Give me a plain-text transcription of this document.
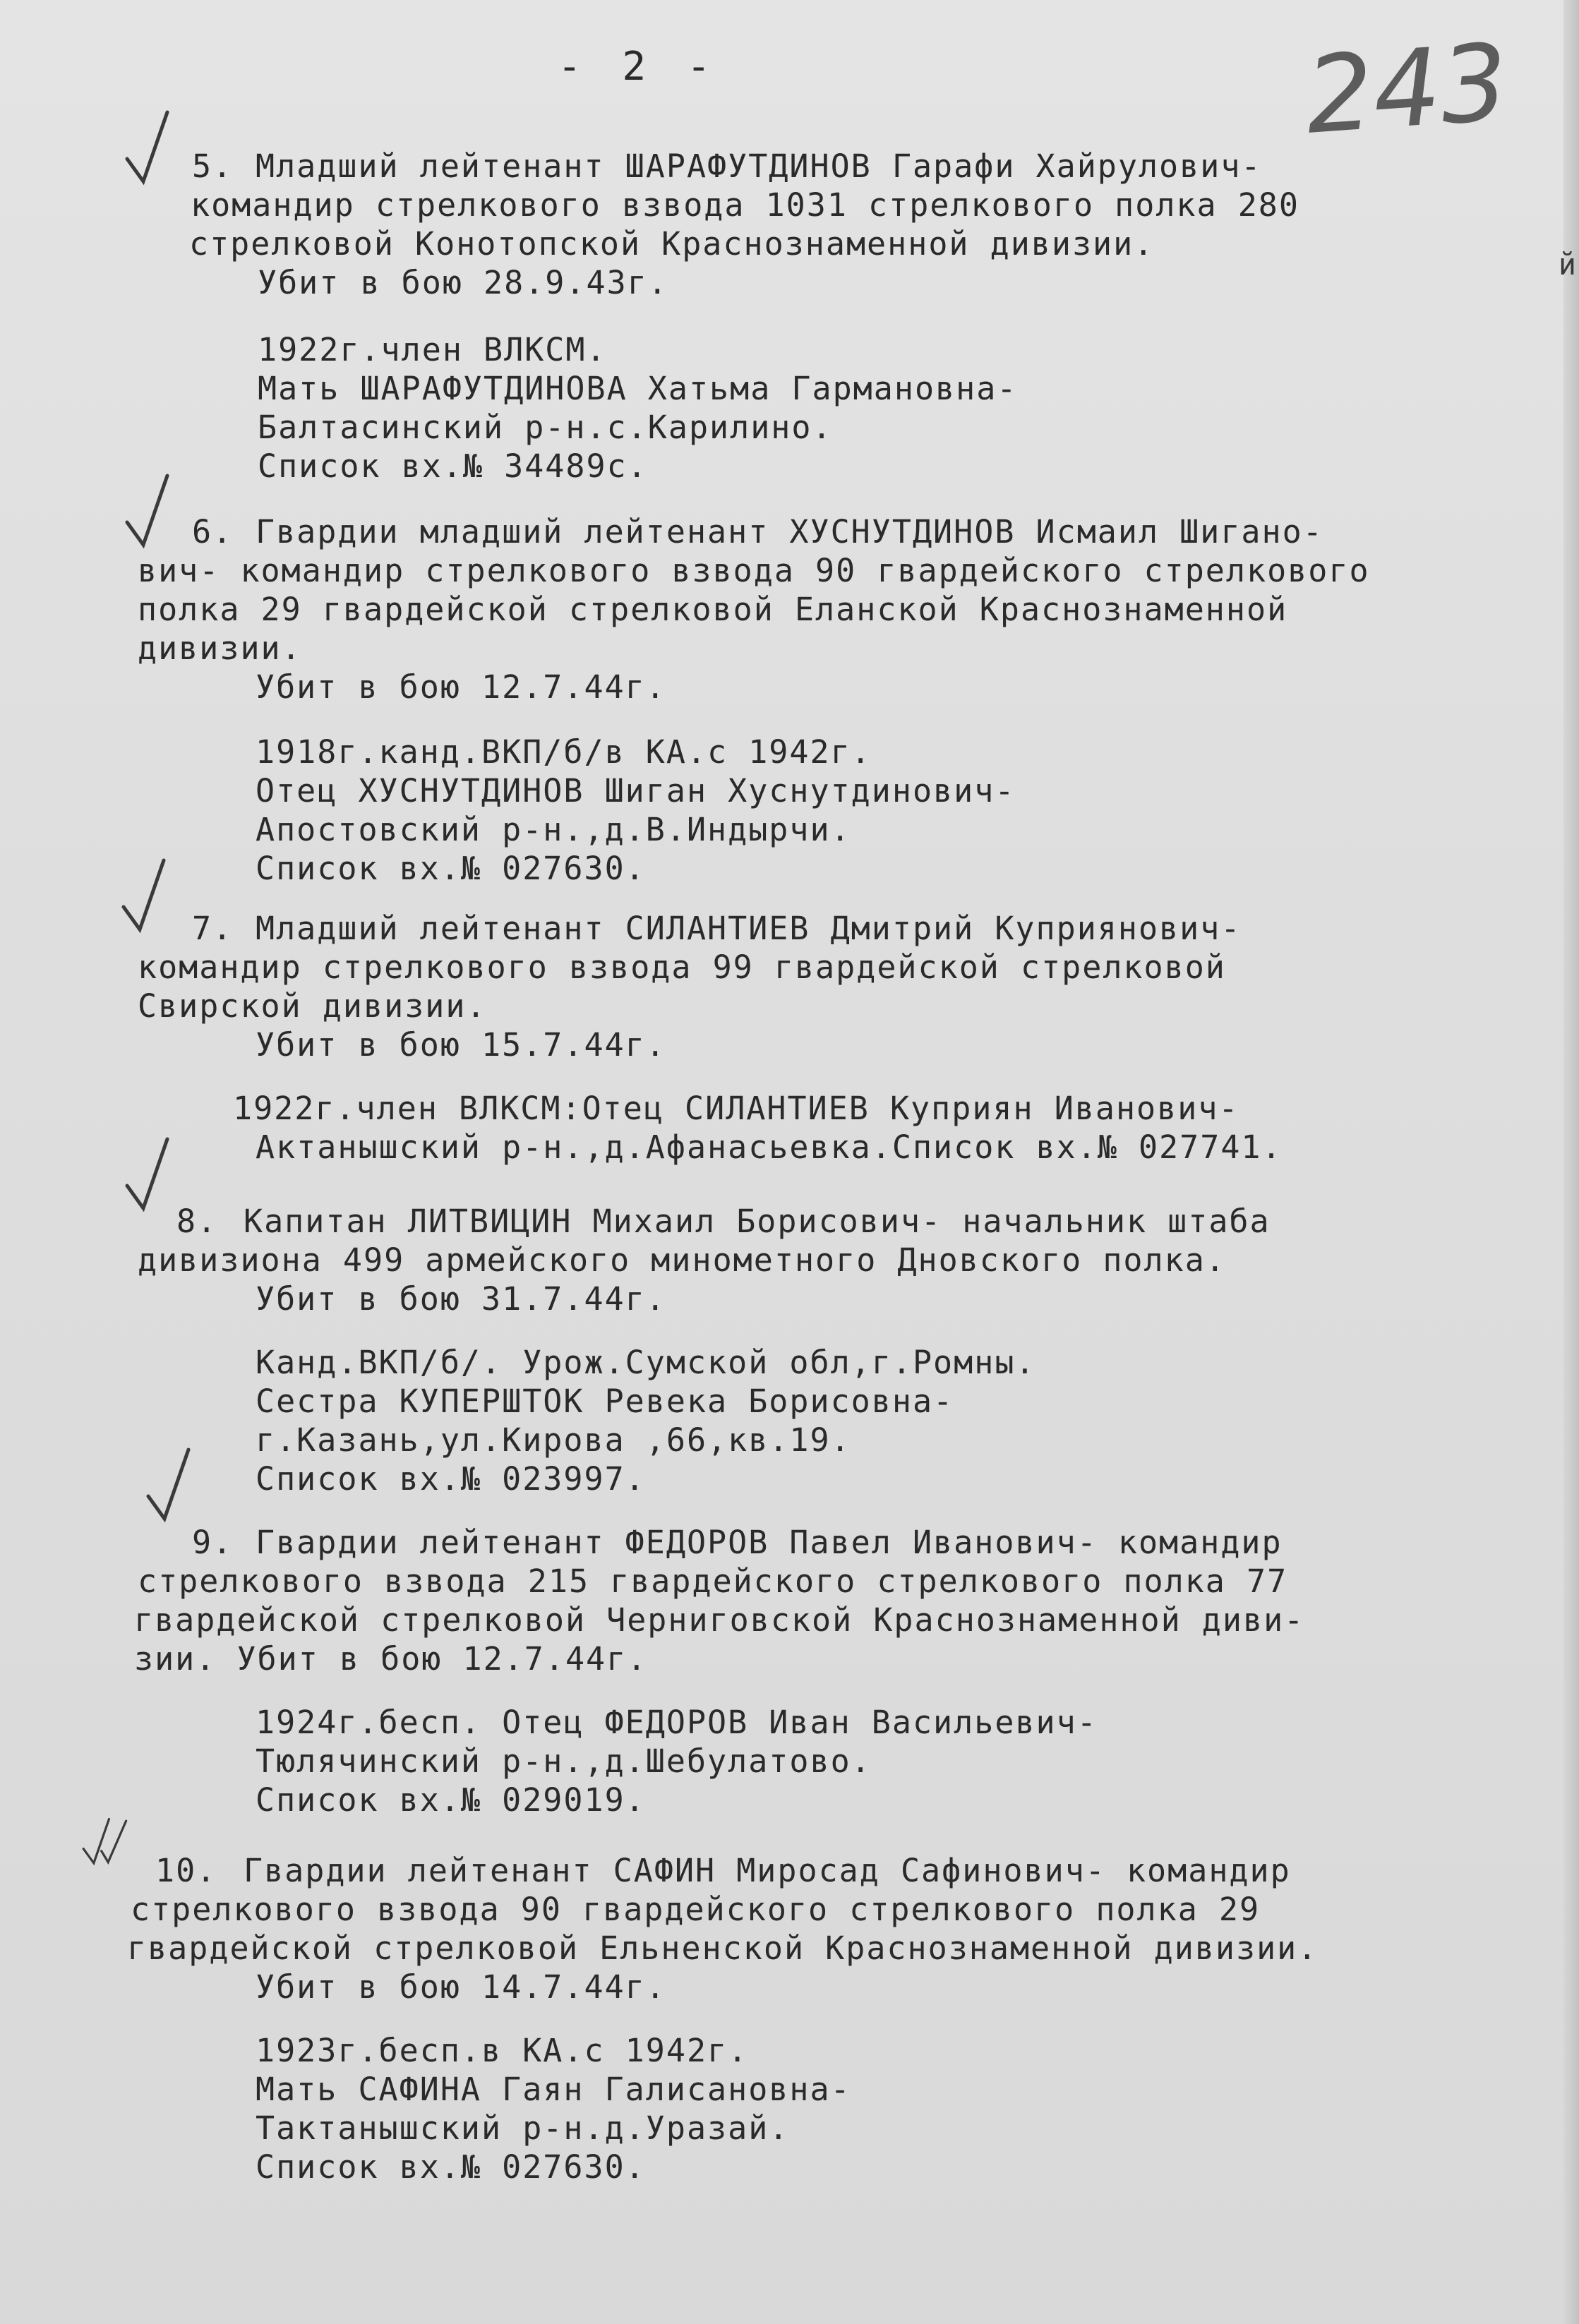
- 2 -	243
й
5. Младший лейтенант ШАРАФУТДИНОВ Гарафи Хайрулович-
командир стрелкового взвода 1031 стрелкового полка 280
стрелковой Конотопской Краснознаменной дивизии.
Убит в бою 28.9.43г.
1922г.член ВЛКСМ.
Мать ШАРАФУТДИНОВА Хатьма Гармановна-
Балтасинский р-н.с.Карилино.
Список вх.№ 34489с.
6. Гвардии младший лейтенант ХУСНУТДИНОВ Исмаил Шигано-
вич- командир стрелкового взвода 90 гвардейского стрелкового
полка 29 гвардейской стрелковой Еланской Краснознаменной
дивизии.
Убит в бою 12.7.44г.
1918г.канд.ВКП/б/в КА.с 1942г.
Отец ХУСНУТДИНОВ Шиган Хуснутдинович-
Апостовский р-н.,д.В.Индырчи.
Список вх.№ 027630.
7. Младший лейтенант СИЛАНТИЕВ Дмитрий Куприянович-
командир стрелкового взвода 99 гвардейской стрелковой
Свирской дивизии.
Убит в бою 15.7.44г.
1922г.член ВЛКСМ:Отец СИЛАНТИЕВ Куприян Иванович-
Актанышский р-н.,д.Афанасьевка.Список вх.№ 027741.
8. Капитан ЛИТВИЦИН Михаил Борисович- начальник штаба
дивизиона 499 армейского минометного Дновского полка.
Убит в бою 31.7.44г.
Канд.ВКП/б/. Урож.Сумской обл,г.Ромны.
Сестра КУПЕРШТОК Ревека Борисовна-
г.Казань,ул.Кирова ,66,кв.19.
Список вх.№ 023997.
9. Гвардии лейтенант ФЕДОРОВ Павел Иванович- командир
стрелкового взвода 215 гвардейского стрелкового полка 77
гвардейской стрелковой Черниговской Краснознаменной диви-
зии. Убит в бою 12.7.44г.
1924г.бесп. Отец ФЕДОРОВ Иван Васильевич-
Тюлячинский р-н.,д.Шебулатово.
Список вх.№ 029019.
10. Гвардии лейтенант САФИН Миросад Сафинович- командир
стрелкового взвода 90 гвардейского стрелкового полка 29
гвардейской стрелковой Ельненской Краснознаменной дивизии.
Убит в бою 14.7.44г.
1923г.бесп.в КА.с 1942г.
Мать САФИНА Гаян Галисановна-
Тактанышский р-н.д.Уразай.
Список вх.№ 027630.
